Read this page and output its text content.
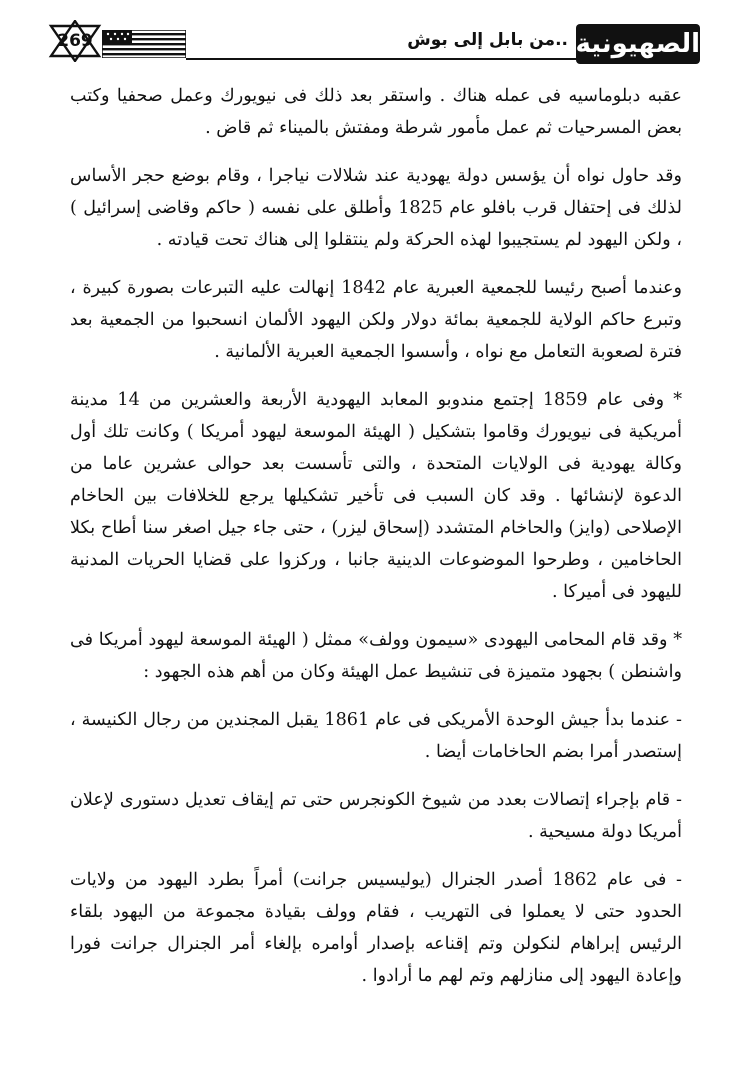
الصهيونية
..من بابل إلى بوش
269

عقبه دبلوماسيه فى عمله هناك . واستقر بعد ذلك فى نيويورك وعمل صحفيا وكتب بعض المسرحيات ثم عمل مأمور شرطة ومفتش بالميناء ثم قاض .

وقد حاول نواه أن يؤسس دولة يهودية عند شلالات نياجرا ، وقام بوضع حجر الأساس لذلك فى إحتفال قرب بافلو عام 1825 وأطلق على نفسه ( حاكم وقاضى إسرائيل ) ، ولكن اليهود لم يستجيبوا لهذه الحركة ولم ينتقلوا إلى هناك تحت قيادته .

وعندما أصبح رئيسا للجمعية العبرية عام 1842 إنهالت عليه التبرعات بصورة كبيرة ، وتبرع حاكم الولاية للجمعية بمائة دولار ولكن اليهود الألمان انسحبوا من الجمعية بعد فترة لصعوبة التعامل مع نواه ، وأسسوا الجمعية العبرية الألمانية .

* وفى عام 1859 إجتمع مندوبو المعابد اليهودية الأربعة والعشرين من 14 مدينة أمريكية فى نيويورك وقاموا بتشكيل ( الهيئة الموسعة ليهود أمريكا ) وكانت تلك أول وكالة يهودية فى الولايات المتحدة ، والتى تأسست بعد حوالى عشرين عاما من الدعوة لإنشائها . وقد كان السبب فى تأخير تشكيلها يرجع للخلافات بين الحاخام الإصلاحى (وايز) والحاخام المتشدد (إسحاق ليزر) ، حتى جاء جيل اصغر سنا أطاح بكلا الحاخامين ، وطرحوا الموضوعات الدينية جانبا ، وركزوا على قضايا الحريات المدنية لليهود فى أميركا .

* وقد قام المحامى اليهودى «سيمون وولف» ممثل ( الهيئة الموسعة ليهود أمريكا فى واشنطن ) بجهود متميزة فى تنشيط عمل الهيئة وكان من أهم هذه الجهود :

- عندما بدأ جيش الوحدة الأمريكى فى عام 1861 يقبل المجندين من رجال الكنيسة ، إستصدر أمرا بضم الحاخامات أيضا .

- قام بإجراء إتصالات بعدد من شيوخ الكونجرس حتى تم إيقاف تعديل دستورى لإعلان أمريكا دولة مسيحية .

- فى عام 1862 أصدر الجنرال (يوليسيس جرانت) أمراً بطرد اليهود من ولايات الحدود حتى لا يعملوا فى التهريب ، فقام وولف بقيادة مجموعة من اليهود بلقاء الرئيس إبراهام لنكولن وتم إقناعه بإصدار أوامره بإلغاء أمر الجنرال جرانت فورا وإعادة اليهود إلى منازلهم وتم لهم ما أرادوا .
